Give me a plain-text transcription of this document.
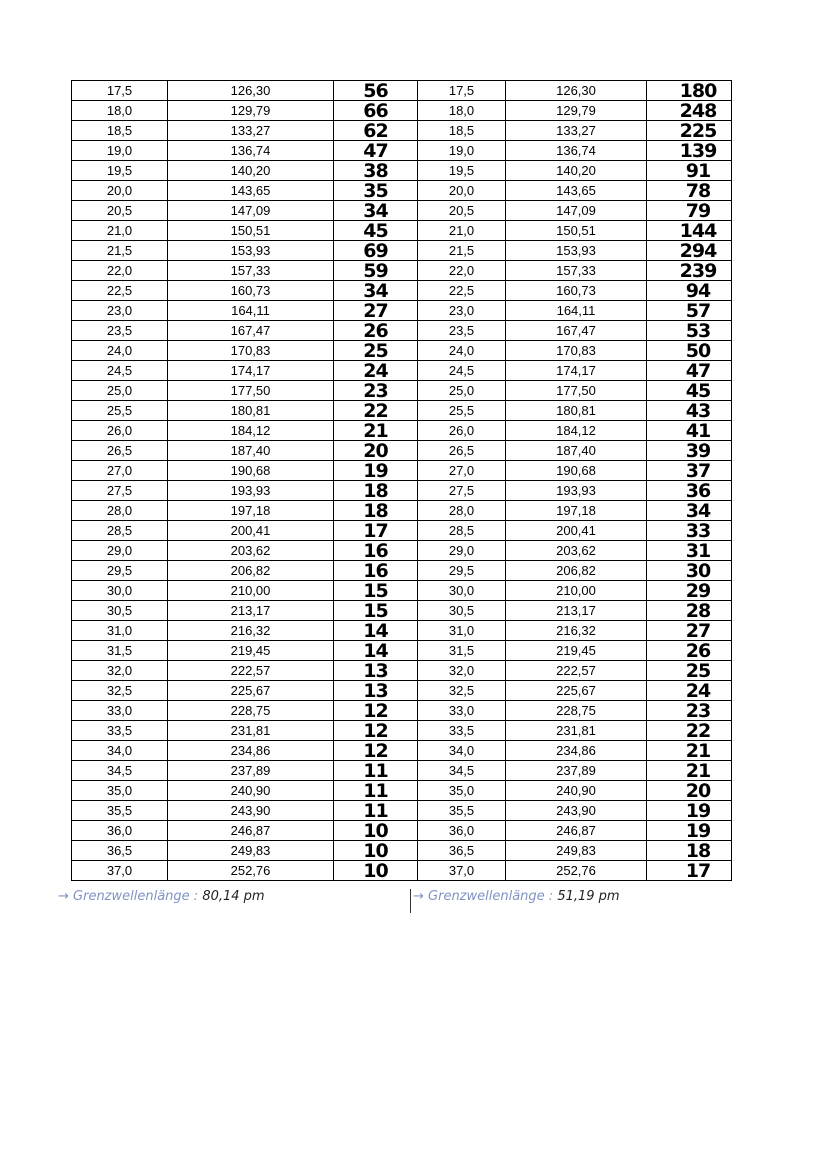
17,5	126,30	56	17,5	126,30	180
18,0	129,79	66	18,0	129,79	248
18,5	133,27	62	18,5	133,27	225
19,0	136,74	47	19,0	136,74	139
19,5	140,20	38	19,5	140,20	91
20,0	143,65	35	20,0	143,65	78
20,5	147,09	34	20,5	147,09	79
21,0	150,51	45	21,0	150,51	144
21,5	153,93	69	21,5	153,93	294
22,0	157,33	59	22,0	157,33	239
22,5	160,73	34	22,5	160,73	94
23,0	164,11	27	23,0	164,11	57
23,5	167,47	26	23,5	167,47	53
24,0	170,83	25	24,0	170,83	50
24,5	174,17	24	24,5	174,17	47
25,0	177,50	23	25,0	177,50	45
25,5	180,81	22	25,5	180,81	43
26,0	184,12	21	26,0	184,12	41
26,5	187,40	20	26,5	187,40	39
27,0	190,68	19	27,0	190,68	37
27,5	193,93	18	27,5	193,93	36
28,0	197,18	18	28,0	197,18	34
28,5	200,41	17	28,5	200,41	33
29,0	203,62	16	29,0	203,62	31
29,5	206,82	16	29,5	206,82	30
30,0	210,00	15	30,0	210,00	29
30,5	213,17	15	30,5	213,17	28
31,0	216,32	14	31,0	216,32	27
31,5	219,45	14	31,5	219,45	26
32,0	222,57	13	32,0	222,57	25
32,5	225,67	13	32,5	225,67	24
33,0	228,75	12	33,0	228,75	23
33,5	231,81	12	33,5	231,81	22
34,0	234,86	12	34,0	234,86	21
34,5	237,89	11	34,5	237,89	21
35,0	240,90	11	35,0	240,90	20
35,5	243,90	11	35,5	243,90	19
36,0	246,87	10	36,0	246,87	19
36,5	249,83	10	36,5	249,83	18
37,0	252,76	10	37,0	252,76	17
→ Grenzwellenlänge : 80,14 pm	→ Grenzwellenlänge : 51,19 pm
